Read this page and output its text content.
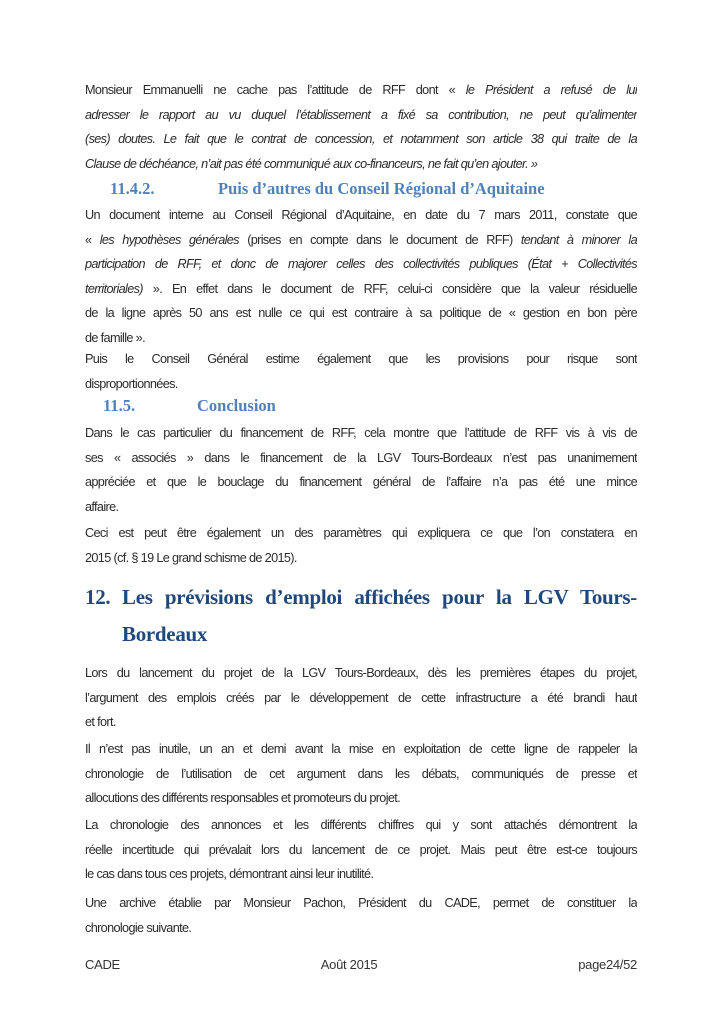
Monsieur Emmanuelli ne cache pas l’attitude de RFF dont « le Président a refusé de lui
adresser le rapport au vu duquel l’établissement a fixé sa contribution, ne peut qu’alimenter
(ses) doutes. Le fait que le contrat de concession, et notamment son article 38 qui traite de la
Clause de déchéance, n’ait pas été communiqué aux co-financeurs, ne fait qu’en ajouter. »
11.4.2.	Puis d’autres du Conseil Régional d’Aquitaine
Un document interne au Conseil Régional d’Aquitaine, en date du 7 mars 2011, constate que
« les hypothèses générales (prises en compte dans le document de RFF) tendant à minorer la
participation de RFF, et donc de majorer celles des collectivités publiques (État + Collectivités
territoriales) ». En effet dans le document de RFF, celui-ci considère que la valeur résiduelle
de la ligne après 50 ans est nulle ce qui est contraire à sa politique de « gestion en bon père
de famille ».
Puis le Conseil Général estime également que les provisions pour risque sont
disproportionnées.
11.5.	Conclusion
Dans le cas particulier du financement de RFF, cela montre que l’attitude de RFF vis à vis de
ses « associés » dans le financement de la LGV Tours-Bordeaux n’est pas unanimement
appréciée et que le bouclage du financement général de l’affaire n’a pas été une mince
affaire.
Ceci est peut être également un des paramètres qui expliquera ce que l’on constatera en
2015 (cf. § 19 Le grand schisme de 2015).
12. Les prévisions d’emploi affichées pour la LGV Tours-
Bordeaux
Lors du lancement du projet de la LGV Tours-Bordeaux, dès les premières étapes du projet,
l’argument des emplois créés par le développement de cette infrastructure a été brandi haut
et fort.
Il n’est pas inutile, un an et demi avant la mise en exploitation de cette ligne de rappeler la
chronologie de l’utilisation de cet argument dans les débats, communiqués de presse et
allocutions des différents responsables et promoteurs du projet.
La chronologie des annonces et les différents chiffres qui y sont attachés démontrent la
réelle incertitude qui prévalait lors du lancement de ce projet. Mais peut être est-ce toujours
le cas dans tous ces projets, démontrant ainsi leur inutilité.
Une archive établie par Monsieur Pachon, Président du CADE, permet de constituer la
chronologie suivante.
CADE	Août 2015	page24/52
